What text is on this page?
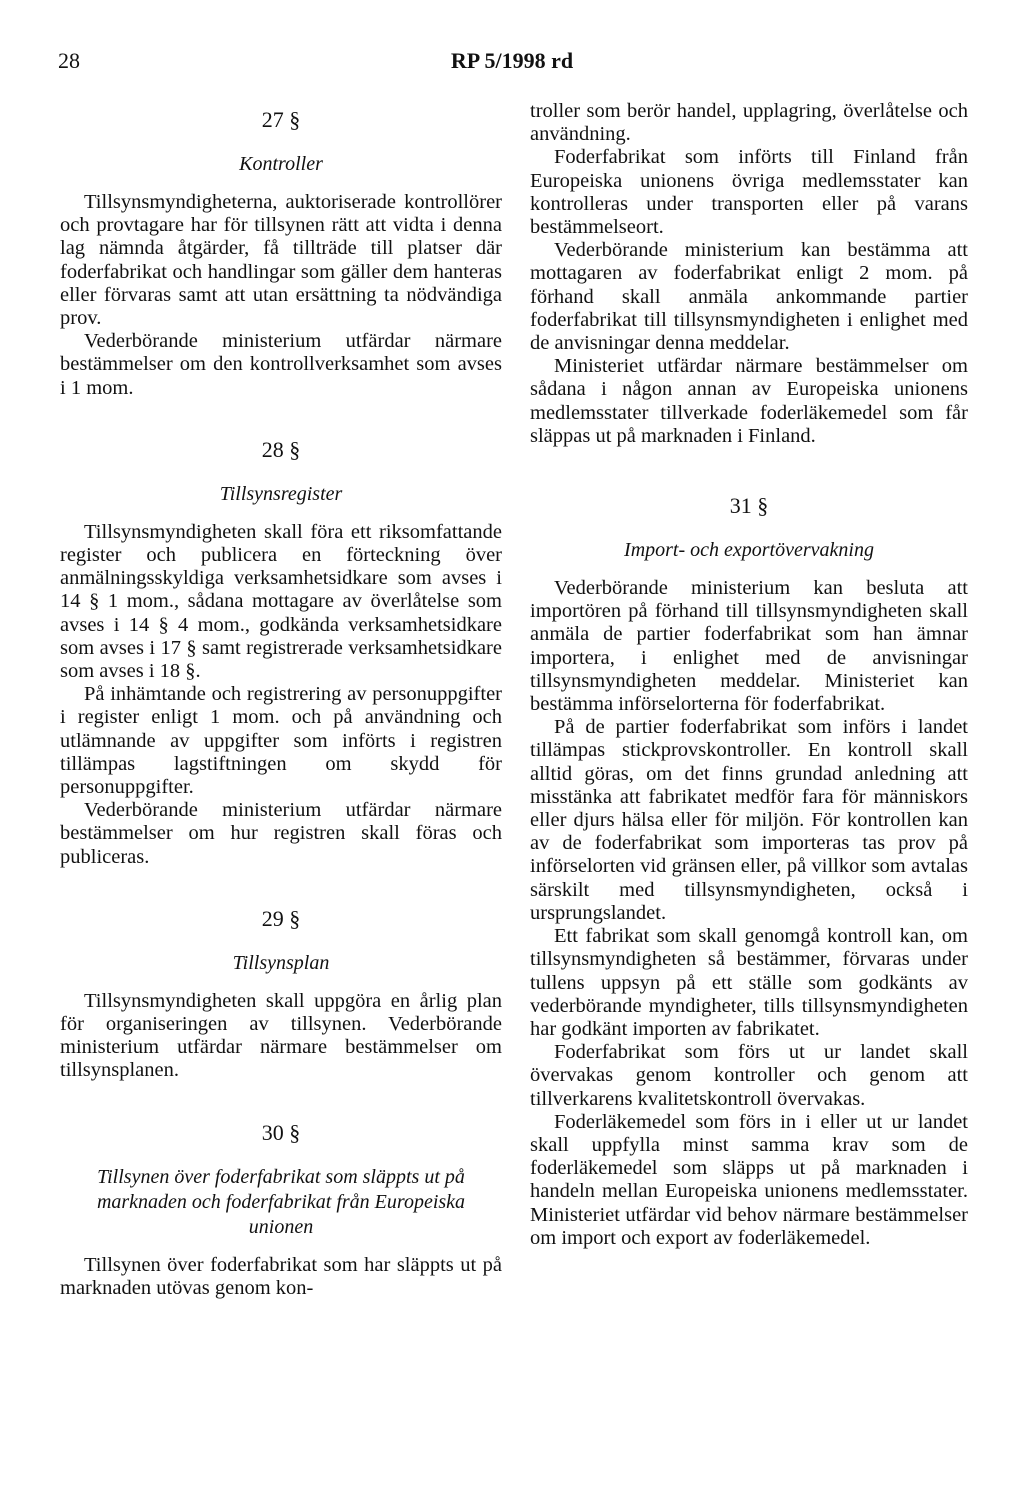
28	RP 5/1998 rd
27 §
Kontroller

Tillsynsmyndigheterna, auktoriserade kontrollörer och provtagare har för tillsynen rätt att vidta i denna lag nämnda åtgärder, få tillträde till platser där foderfabrikat och handlingar som gäller dem hanteras eller förvaras samt att utan ersättning ta nödvändiga prov.

Vederbörande ministerium utfärdar närmare bestämmelser om den kontrollverksamhet som avses i 1 mom.

28 §
Tillsynsregister

Tillsynsmyndigheten skall föra ett riksomfattande register och publicera en förteckning över anmälningsskyldiga verksamhetsidkare som avses i 14 § 1 mom., sådana mottagare av överlåtelse som avses i 14 § 4 mom., godkända verksamhetsidkare som avses i 17 § samt registrerade verksamhetsidkare som avses i 18 §.

På inhämtande och registrering av personuppgifter i register enligt 1 mom. och på användning och utlämnande av uppgifter som införts i registren tillämpas lagstiftningen om skydd för personuppgifter.

Vederbörande ministerium utfärdar närmare bestämmelser om hur registren skall föras och publiceras.

29 §
Tillsynsplan

Tillsynsmyndigheten skall uppgöra en årlig plan för organiseringen av tillsynen. Vederbörande ministerium utfärdar närmare bestämmelser om tillsynsplanen.

30 §
Tillsynen över foderfabrikat som släppts ut på marknaden och foderfabrikat från Europeiska unionen

Tillsynen över foderfabrikat som har släppts ut på marknaden utövas genom kon-

troller som berör handel, upplagring, överlåtelse och användning.

Foderfabrikat som införts till Finland från Europeiska unionens övriga medlemsstater kan kontrolleras under transporten eller på varans bestämmelseort.

Vederbörande ministerium kan bestämma att mottagaren av foderfabrikat enligt 2 mom. på förhand skall anmäla ankommande partier foderfabrikat till tillsynsmyndigheten i enlighet med de anvisningar denna meddelar.

Ministeriet utfärdar närmare bestämmelser om sådana i någon annan av Europeiska unionens medlemsstater tillverkade foderläkemedel som får släppas ut på marknaden i Finland.

31 §
Import- och exportövervakning

Vederbörande ministerium kan besluta att importören på förhand till tillsynsmyndigheten skall anmäla de partier foderfabrikat som han ämnar importera, i enlighet med de anvisningar tillsynsmyndigheten meddelar. Ministeriet kan bestämma införselorterna för foderfabrikat.

På de partier foderfabrikat som införs i landet tillämpas stickprovskontroller. En kontroll skall alltid göras, om det finns grundad anledning att misstänka att fabrikatet medför fara för människors eller djurs hälsa eller för miljön. För kontrollen kan av de foderfabrikat som importeras tas prov på införselorten vid gränsen eller, på villkor som avtalas särskilt med tillsynsmyndigheten, också i ursprungslandet.

Ett fabrikat som skall genomgå kontroll kan, om tillsynsmyndigheten så bestämmer, förvaras under tullens uppsyn på ett ställe som godkänts av vederbörande myndigheter, tills tillsynsmyndigheten har godkänt importen av fabrikatet.

Foderfabrikat som förs ut ur landet skall övervakas genom kontroller och genom att tillverkarens kvalitetskontroll övervakas.

Foderläkemedel som förs in i eller ut ur landet skall uppfylla minst samma krav som de foderläkemedel som släpps ut på marknaden i handeln mellan Europeiska unionens medlemsstater. Ministeriet utfärdar vid behov närmare bestämmelser om import och export av foderläkemedel.
